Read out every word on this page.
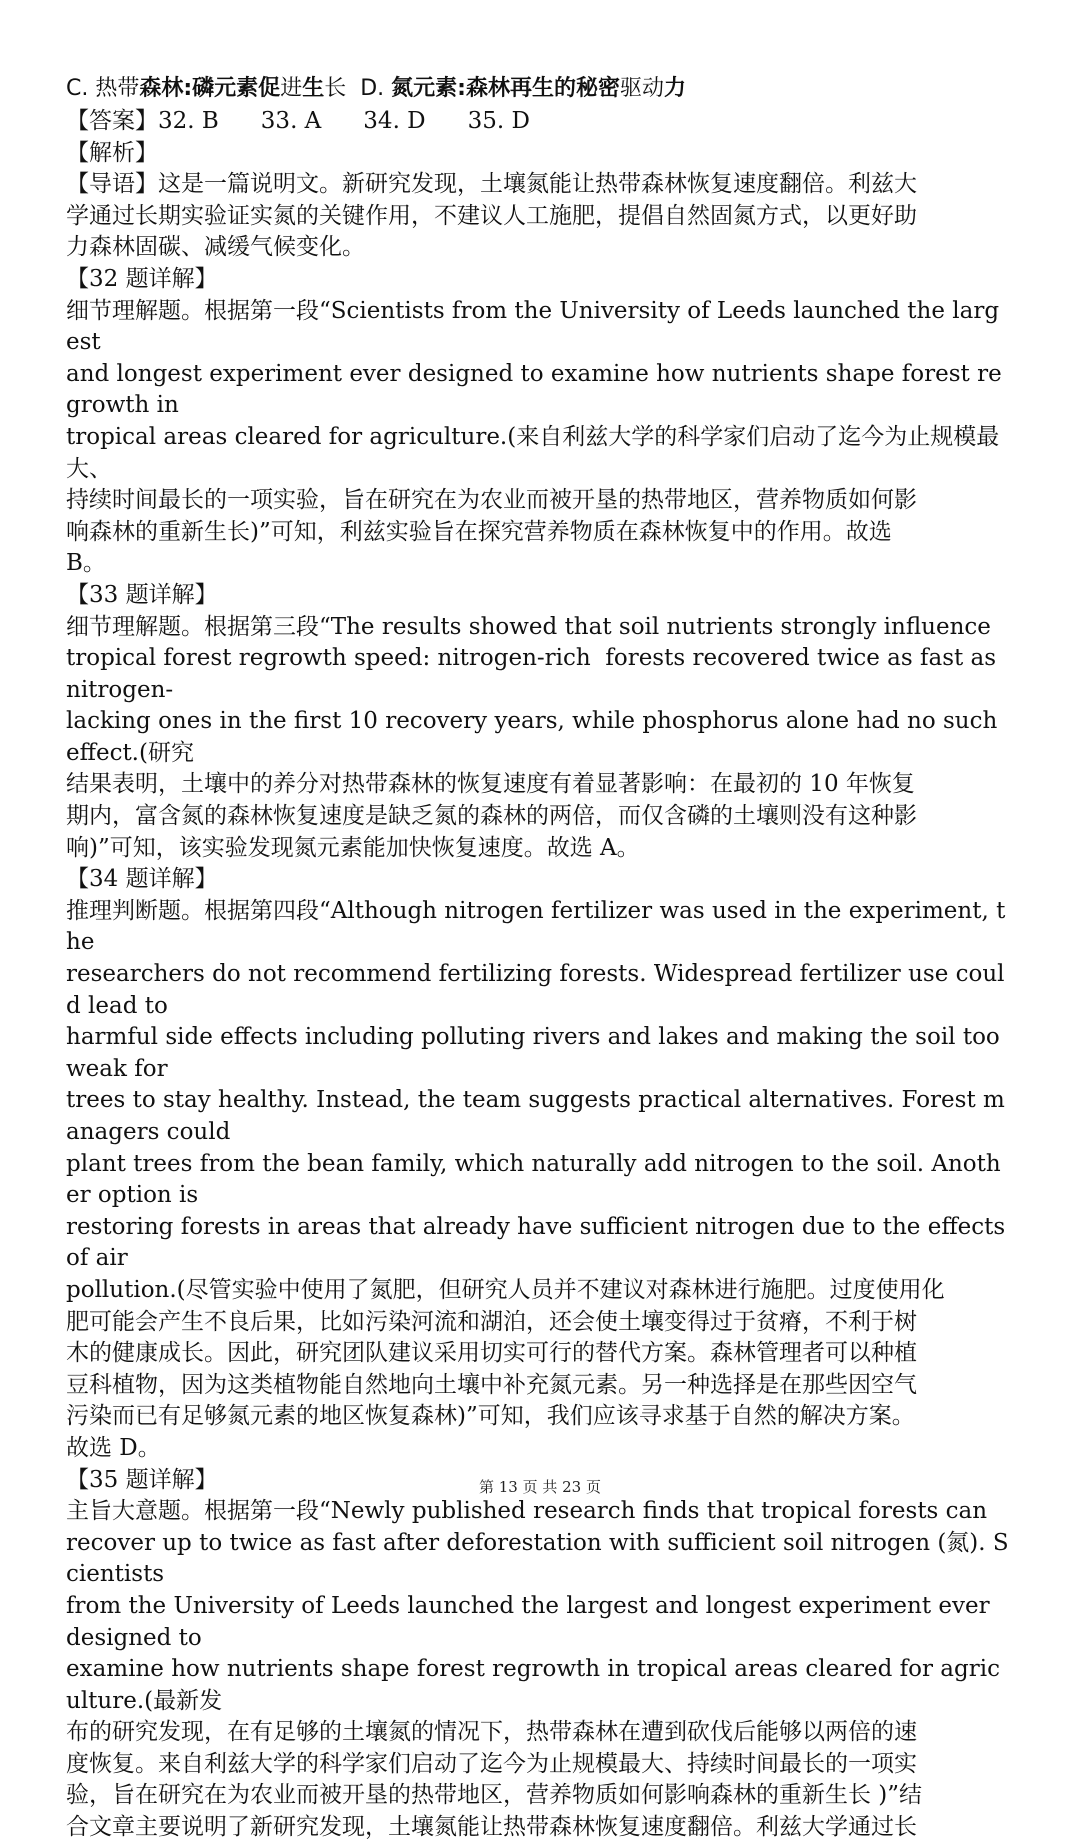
C. 热带森林:磷元素促进生长  D. 氮元素:森林再生的秘密驱动力
【答案】32. B 33. A 34. D 35. D
【解析】
【导语】这是一篇说明文。新研究发现，土壤氮能让热带森林恢复速度翻倍。利兹大
学通过长期实验证实氮的关键作用，不建议人工施肥，提倡自然固氮方式，以更好助
力森林固碳、减缓气候变化。
【32 题详解】
细节理解题。根据第一段“Scientists from the University of Leeds launched the largest
and longest experiment ever designed to examine how nutrients shape forest regrowth in
tropical areas cleared for agriculture.(来自利兹大学的科学家们启动了迄今为止规模最大、
持续时间最长的一项实验，旨在研究在为农业而被开垦的热带地区，营养物质如何影
响森林的重新生长)”可知，利兹实验旨在探究营养物质在森林恢复中的作用。故选
B。
【33 题详解】
细节理解题。根据第三段“The results showed that soil nutrients strongly influence
tropical forest regrowth speed: nitrogen-rich  forests recovered twice as fast as nitrogen-
lacking ones in the first 10 recovery years, while phosphorus alone had no such effect.(研究
结果表明，土壤中的养分对热带森林的恢复速度有着显著影响：在最初的 10 年恢复
期内，富含氮的森林恢复速度是缺乏氮的森林的两倍，而仅含磷的土壤则没有这种影
响)”可知，该实验发现氮元素能加快恢复速度。故选 A。
【34 题详解】
推理判断题。根据第四段“Although nitrogen fertilizer was used in the experiment, the
researchers do not recommend fertilizing forests. Widespread fertilizer use could lead to
harmful side effects including polluting rivers and lakes and making the soil too weak for
trees to stay healthy. Instead, the team suggests practical alternatives. Forest managers could
plant trees from the bean family, which naturally add nitrogen to the soil. Another option is
restoring forests in areas that already have sufficient nitrogen due to the effects of air
pollution.(尽管实验中使用了氮肥，但研究人员并不建议对森林进行施肥。过度使用化
肥可能会产生不良后果，比如污染河流和湖泊，还会使土壤变得过于贫瘠，不利于树
木的健康成长。因此，研究团队建议采用切实可行的替代方案。森林管理者可以种植
豆科植物，因为这类植物能自然地向土壤中补充氮元素。另一种选择是在那些因空气
污染而已有足够氮元素的地区恢复森林)”可知，我们应该寻求基于自然的解决方案。
故选 D。
【35 题详解】
主旨大意题。根据第一段“Newly published research finds that tropical forests can
recover up to twice as fast after deforestation with sufficient soil nitrogen (氮). Scientists
from the University of Leeds launched the largest and longest experiment ever designed to
examine how nutrients shape forest regrowth in tropical areas cleared for agriculture.(最新发
布的研究发现，在有足够的土壤氮的情况下，热带森林在遭到砍伐后能够以两倍的速
度恢复。来自利兹大学的科学家们启动了迄今为止规模最大、持续时间最长的一项实
验，旨在研究在为农业而被开垦的热带地区，营养物质如何影响森林的重新生长 )”结
合文章主要说明了新研究发现，土壤氮能让热带森林恢复速度翻倍。利兹大学通过长
第 13 页 共 23 页
